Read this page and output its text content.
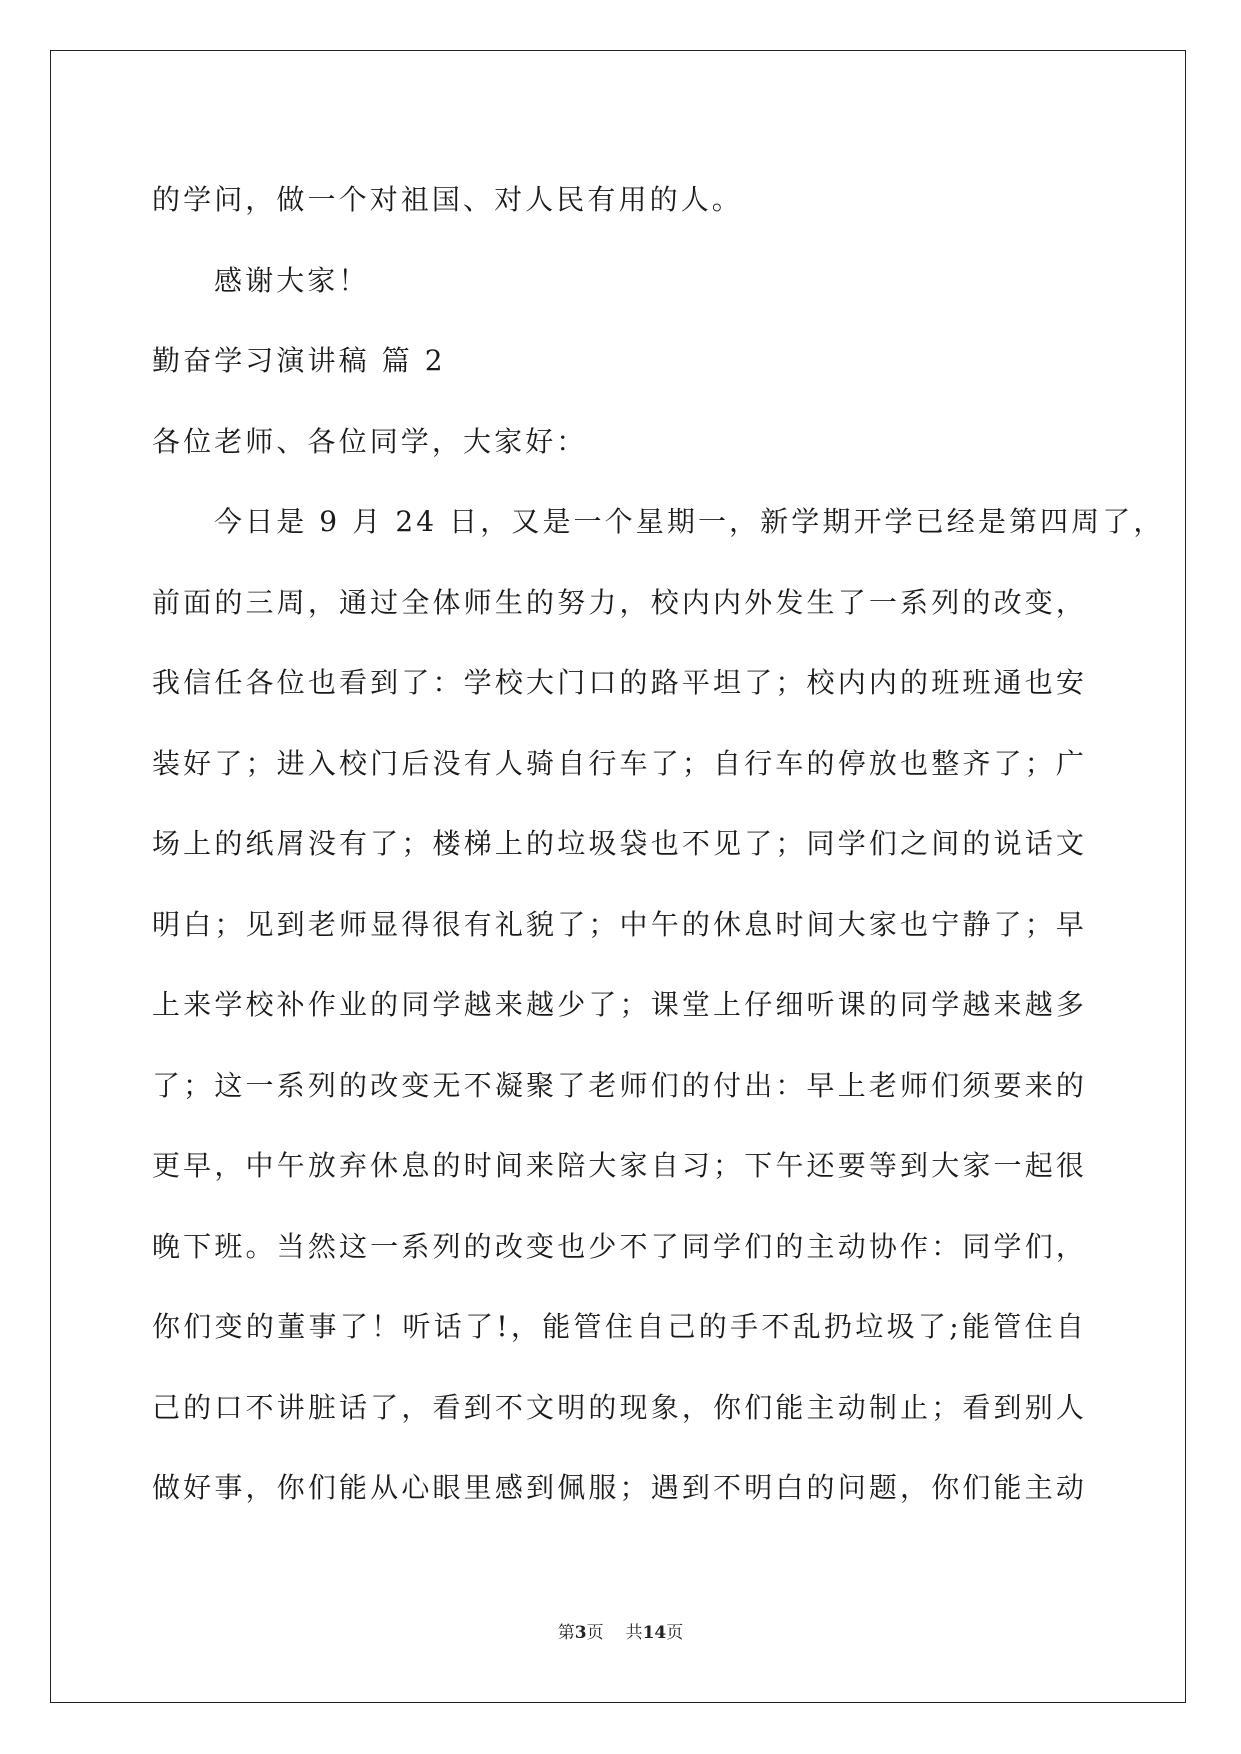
的学问，做一个对祖国、对人民有用的人。
感谢大家！
勤奋学习演讲稿 篇 2
各位老师、各位同学，大家好：
今日是 9 月 24 日，又是一个星期一，新学期开学已经是第四周了，
前面的三周，通过全体师生的努力，校内内外发生了一系列的改变，
我信任各位也看到了：学校大门口的路平坦了；校内内的班班通也安
装好了；进入校门后没有人骑自行车了；自行车的停放也整齐了；广
场上的纸屑没有了；楼梯上的垃圾袋也不见了；同学们之间的说话文
明白；见到老师显得很有礼貌了；中午的休息时间大家也宁静了；早
上来学校补作业的同学越来越少了；课堂上仔细听课的同学越来越多
了；这一系列的改变无不凝聚了老师们的付出：早上老师们须要来的
更早，中午放弃休息的时间来陪大家自习；下午还要等到大家一起很
晚下班。当然这一系列的改变也少不了同学们的主动协作：同学们，
你们变的董事了！听话了!，能管住自己的手不乱扔垃圾了;能管住自
己的口不讲脏话了，看到不文明的现象，你们能主动制止；看到别人
做好事，你们能从心眼里感到佩服；遇到不明白的问题，你们能主动
第3页 共14页
